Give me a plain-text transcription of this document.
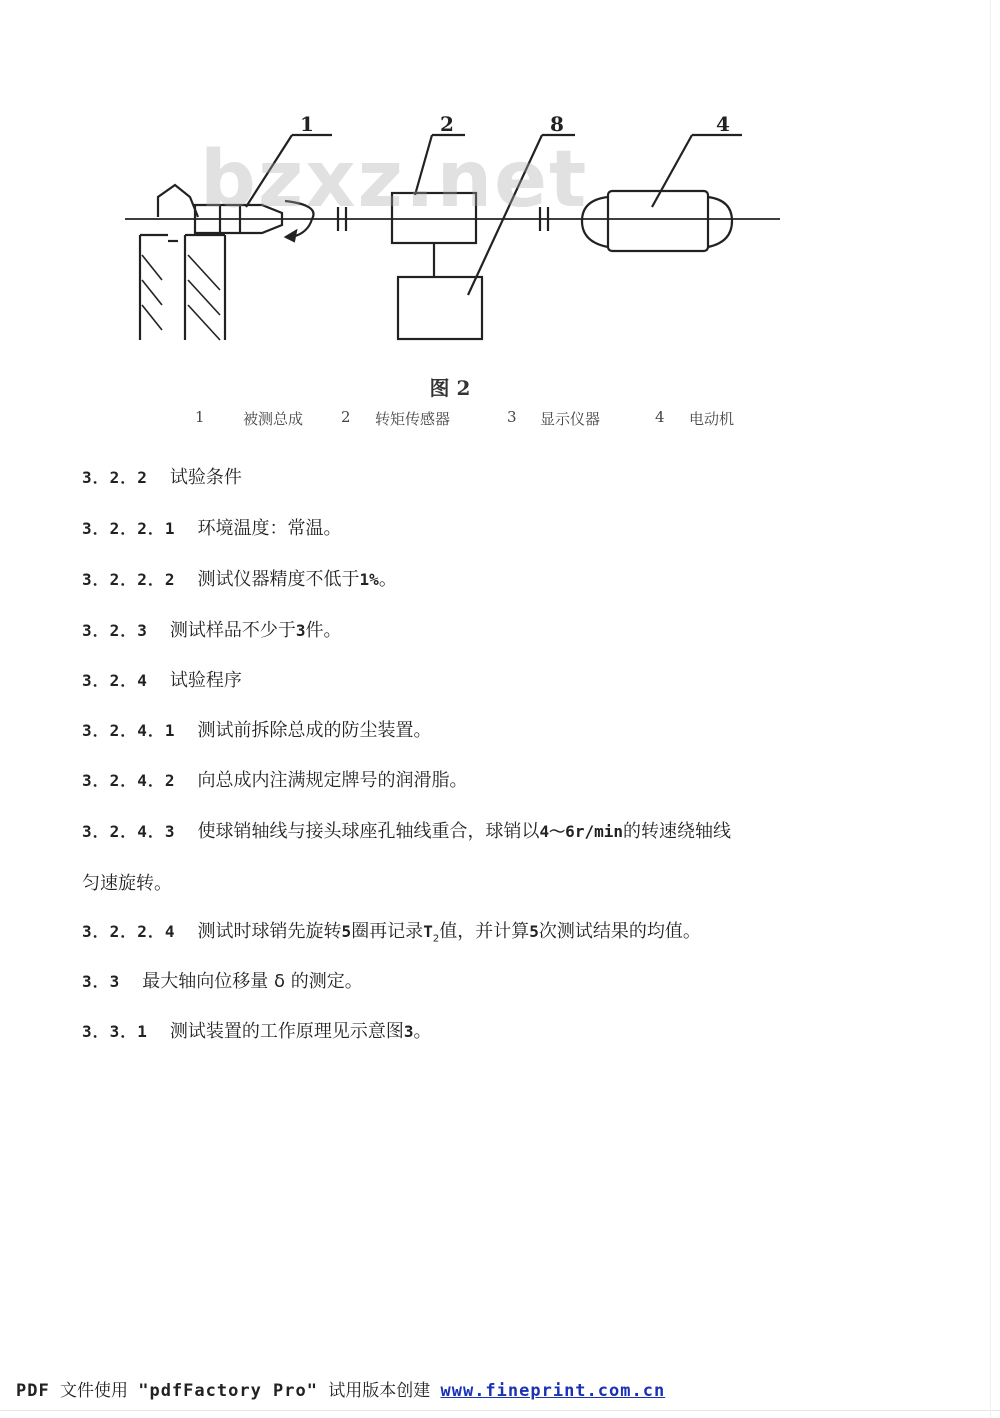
1	2	8	4
bzxz.net
图 2
1	被测总成	2 转矩传感器	3 显示仪器	4 电动机
3．2．2 试验条件
3．2．2．1 环境温度：常温。
3．2．2．2 测试仪器精度不低于1%。
3．2．3 测试样品不少于3件。
3．2．4 试验程序
3．2．4．1 测试前拆除总成的防尘装置。
3．2．4．2 向总成内注满规定牌号的润滑脂。
3．2．4．3 使球销轴线与接头球座孔轴线重合，球销以4～6r/min的转速绕轴线
匀速旋转。
3．2．2．4 测试时球销先旋转5圈再记录$T_2$值，并计算5次测试结果的均值。
3．3 最大轴向位移量 δ 的测定。
3．3．1 测试装置的工作原理见示意图3。
PDF 文件使用 "pdfFactory Pro" 试用版本创建 www.fineprint.com.cn
